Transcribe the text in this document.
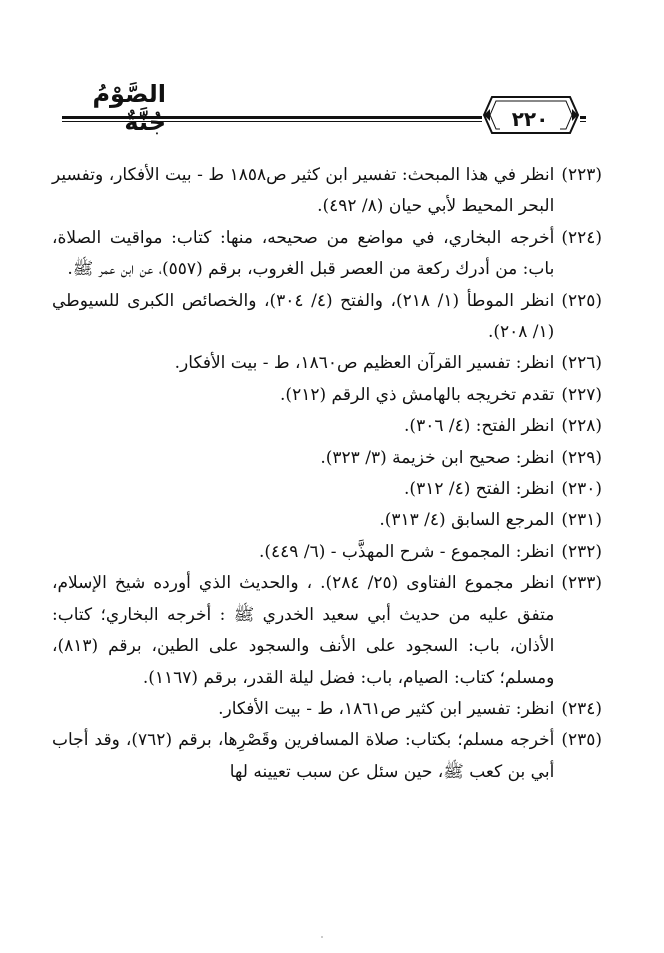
الصَّوْمُ جُنَّةٌ	٢٢٠
(٢٢٣)
انظر في هذا المبحث: تفسير ابن كثير ص١٨٥٨ ط - بيت الأفكار، وتفسير البحر المحيط لأبي حيان (٨/ ٤٩٢).
(٢٢٤)
أخرجه البخاري، في مواضع من صحيحه، منها: كتاب: مواقيت الصلاة، باب: من أدرك ركعة من العصر قبل الغروب، برقم (٥٥٧)، عن ابن عمر ﷺ.
(٢٢٥)
انظر الموطأ (١/ ٢١٨)، والفتح (٤/ ٣٠٤)، والخصائص الكبرى للسيوطي (١/ ٢٠٨).
(٢٢٦)
انظر: تفسير القرآن العظيم ص١٨٦٠، ط - بيت الأفكار.
(٢٢٧)
تقدم تخريجه بالهامش ذي الرقم (٢١٢).
(٢٢٨)
انظر الفتح: (٤/ ٣٠٦).
(٢٢٩)
انظر: صحيح ابن خزيمة (٣/ ٣٢٣).
(٢٣٠)
انظر: الفتح (٤/ ٣١٢).
(٢٣١)
المرجع السابق (٤/ ٣١٣).
(٢٣٢)
انظر: المجموع - شرح المهذَّب - (٦/ ٤٤٩).
(٢٣٣)
انظر مجموع الفتاوى (٢٥/ ٢٨٤). ، والحديث الذي أورده شيخ الإسلام، متفق عليه من حديث أبي سعيد الخدري ﷺ : أخرجه البخاري؛ كتاب: الأذان، باب: السجود على الأنف والسجود على الطين، برقم (٨١٣)، ومسلم؛ كتاب: الصيام، باب: فضل ليلة القدر، برقم (١١٦٧).
(٢٣٤)
انظر: تفسير ابن كثير ص١٨٦١، ط - بيت الأفكار.
(٢٣٥)
أخرجه مسلم؛ بكتاب: صلاة المسافرين وقَصْرِها، برقم (٧٦٢)، وقد أجاب أبي بن كعب ﷺ، حين سئل عن سبب تعيينه لها
